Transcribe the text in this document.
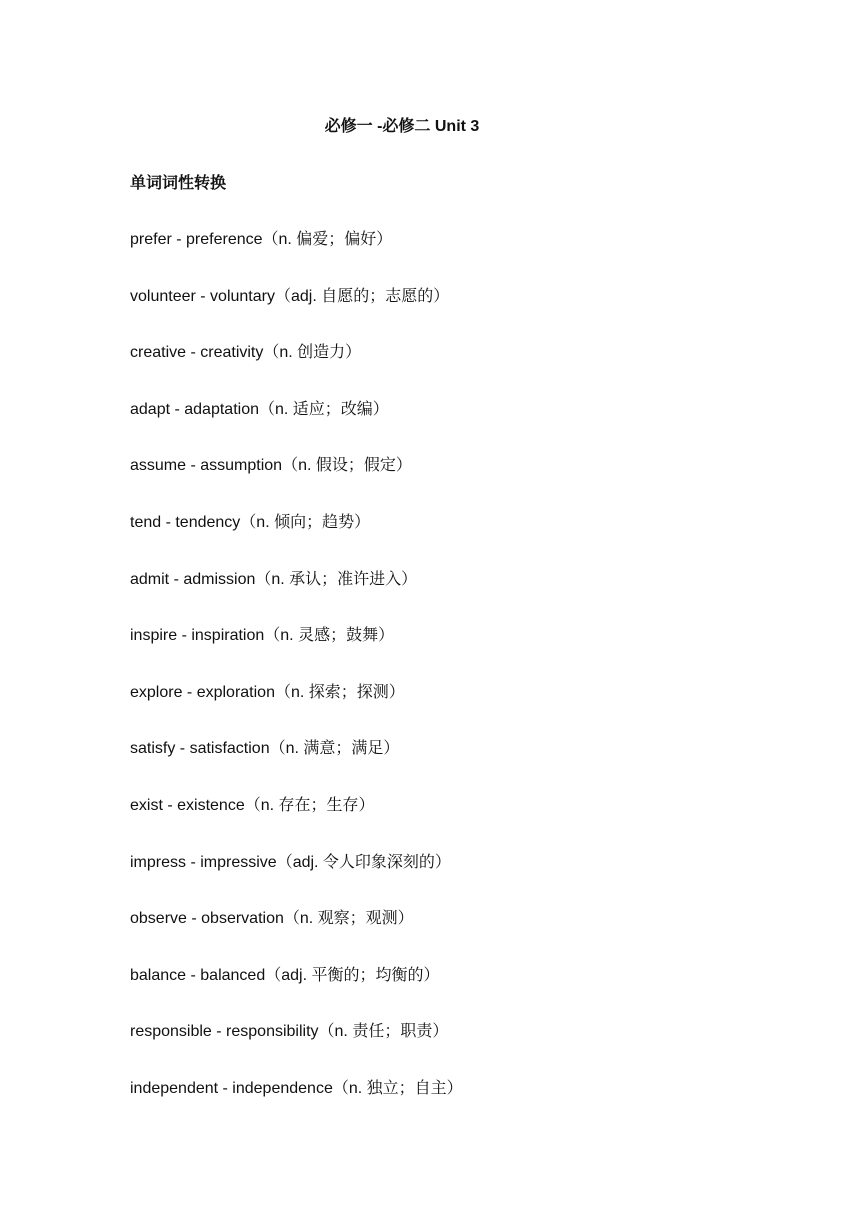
必修一 -必修二 Unit 3
单词词性转换
prefer - preference（n. 偏爱；偏好）
volunteer - voluntary（adj. 自愿的；志愿的）
creative - creativity（n. 创造力）
adapt - adaptation（n. 适应；改编）
assume - assumption（n. 假设；假定）
tend - tendency（n. 倾向；趋势）
admit - admission（n. 承认；准许进入）
inspire - inspiration（n. 灵感；鼓舞）
explore - exploration（n. 探索；探测）
satisfy - satisfaction（n. 满意；满足）
exist - existence（n. 存在；生存）
impress - impressive（adj. 令人印象深刻的）
observe - observation（n. 观察；观测）
balance - balanced（adj. 平衡的；均衡的）
responsible - responsibility（n. 责任；职责）
independent - independence（n. 独立；自主）
